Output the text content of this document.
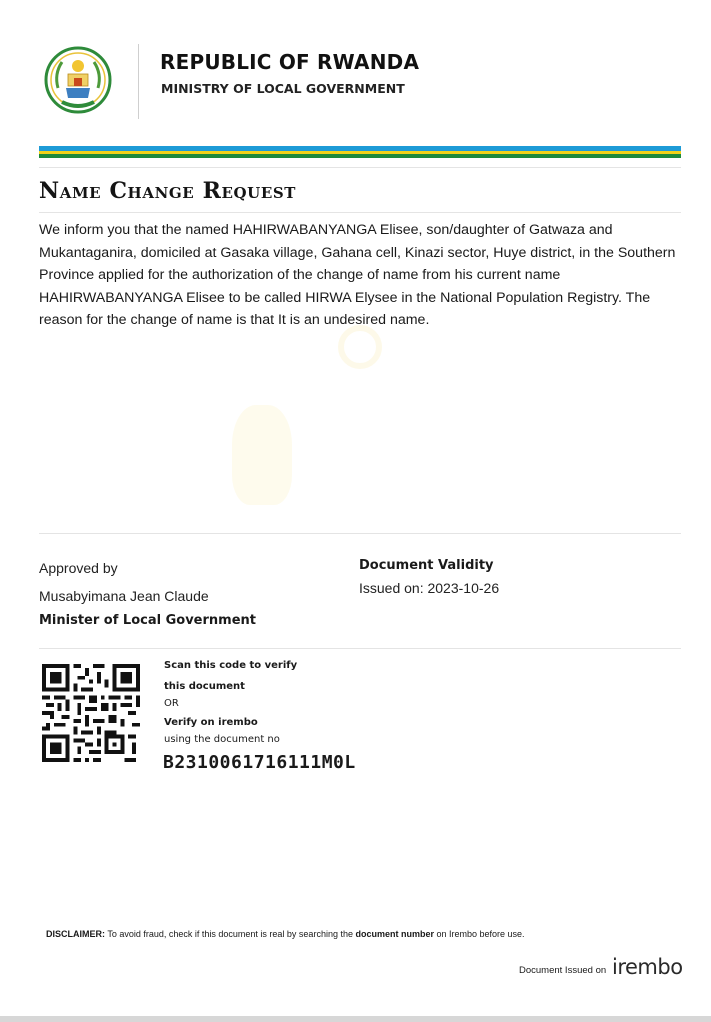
REPUBLIC OF RWANDA
MINISTRY OF LOCAL GOVERNMENT
Name Change Request
We inform you that the named HAHIRWABANYANGA Elisee, son/daughter of Gatwaza and Mukantaganira, domiciled at Gasaka village, Gahana cell, Kinazi sector, Huye district, in the Southern Province applied for the authorization of the change of name from his current name HAHIRWABANYANGA Elisee to be called HIRWA Elysee in the National Population Registry. The reason for the change of name is that It is an undesired name.
Approved by
Musabyimana Jean Claude
Minister of Local Government
Document Validity
Issued on: 2023-10-26
Scan this code to verify
this document
OR
Verify on irembo
using the document no
B2310061716111M0L
DISCLAIMER: To avoid fraud, check if this document is real by searching the document number on Irembo before use.
Document Issued on irembo
